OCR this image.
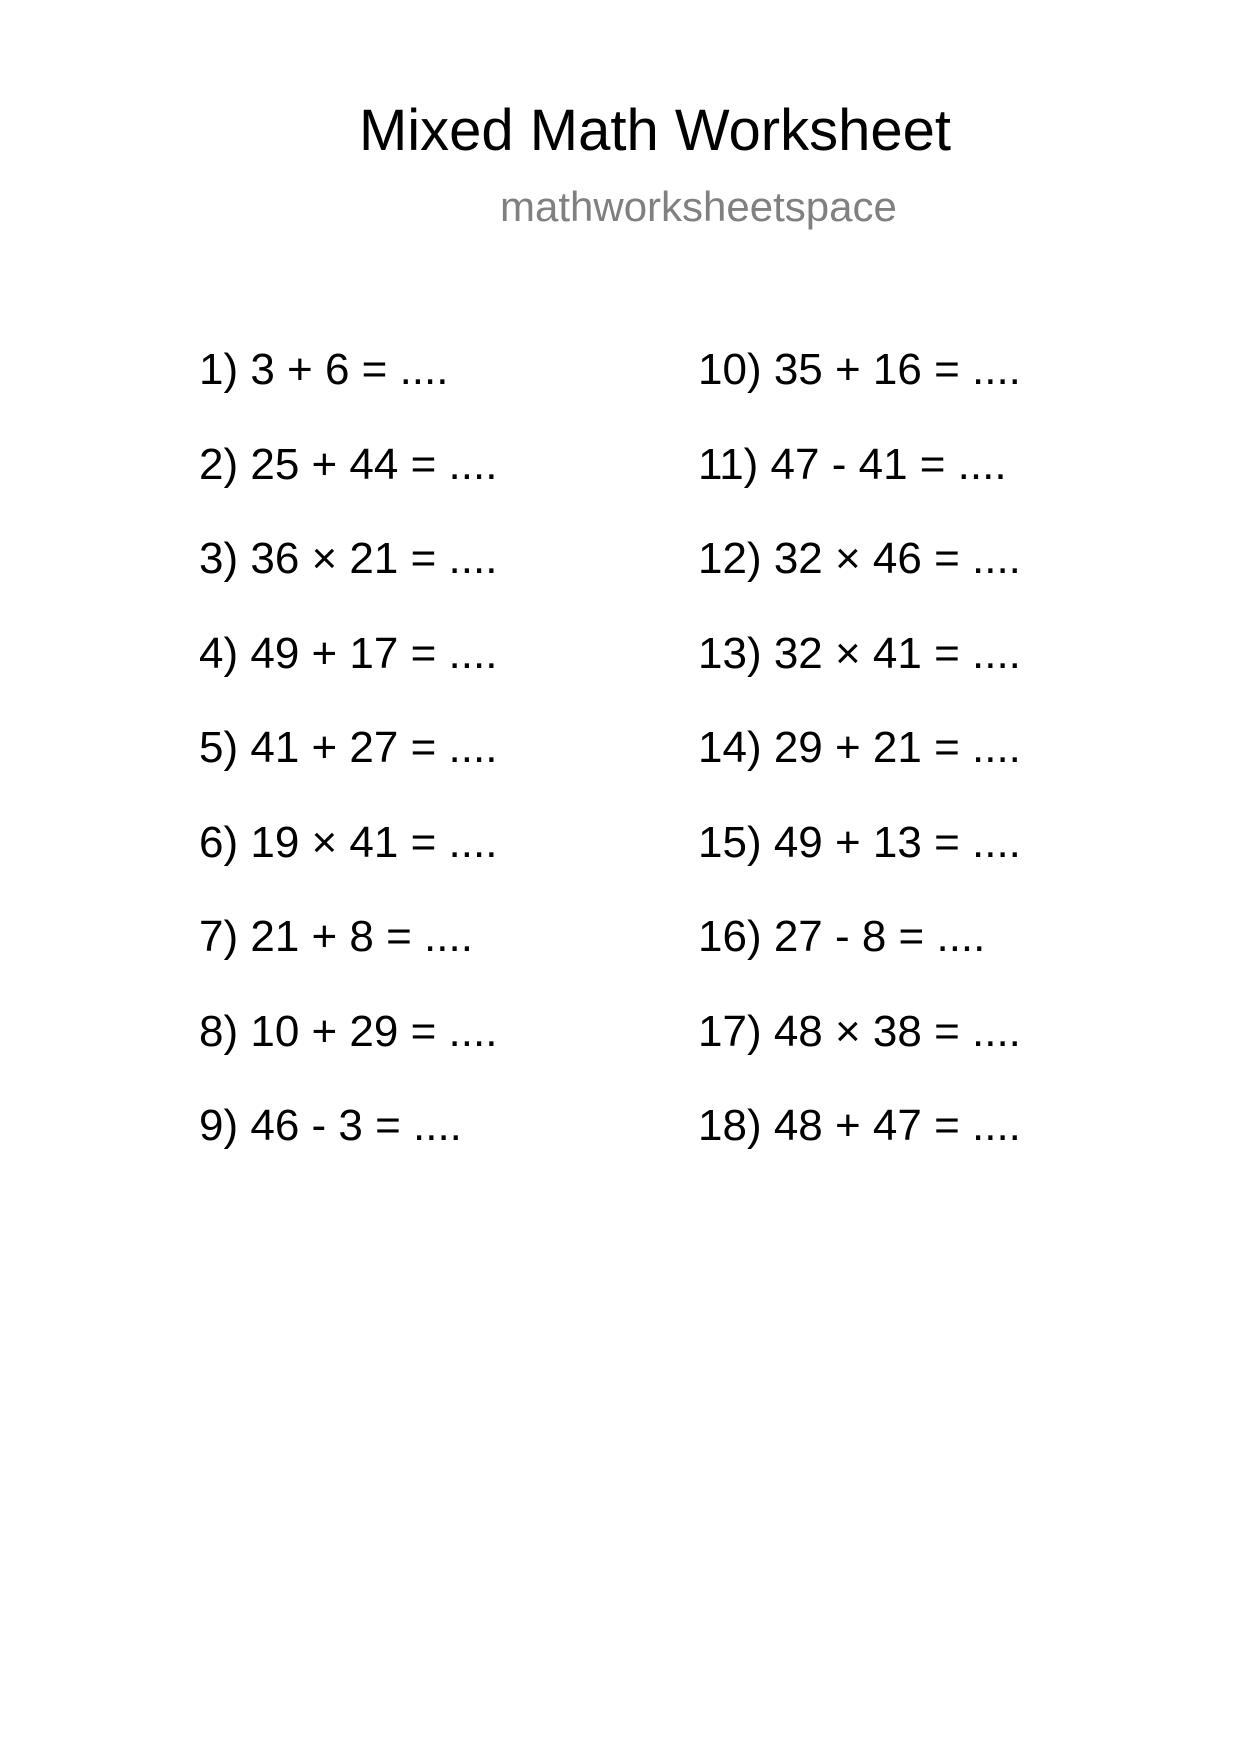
Mixed Math Worksheet
mathworksheetspace
1) 3 + 6 = ....
2) 25 + 44 = ....
3) 36 × 21 = ....
4) 49 + 17 = ....
5) 41 + 27 = ....
6) 19 × 41 = ....
7) 21 + 8 = ....
8) 10 + 29 = ....
9) 46 - 3 = ....
10) 35 + 16 = ....
11) 47 - 41 = ....
12) 32 × 46 = ....
13) 32 × 41 = ....
14) 29 + 21 = ....
15) 49 + 13 = ....
16) 27 - 8 = ....
17) 48 × 38 = ....
18) 48 + 47 = ....
